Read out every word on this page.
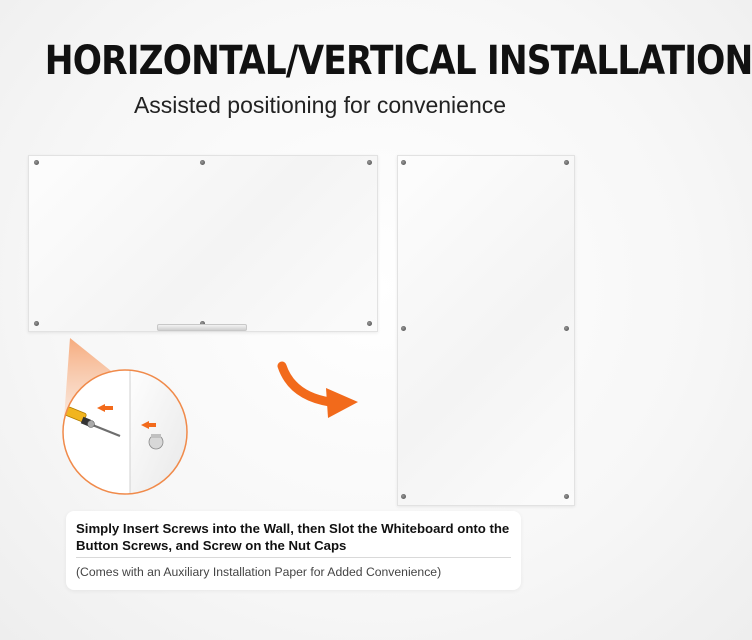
HORIZONTAL/VERTICAL INSTALLATION
Assisted positioning for convenience
Simply Insert Screws into the Wall, then Slot the Whiteboard onto the Button Screws, and Screw on the Nut Caps
(Comes with an Auxiliary Installation Paper for Added Convenience)
